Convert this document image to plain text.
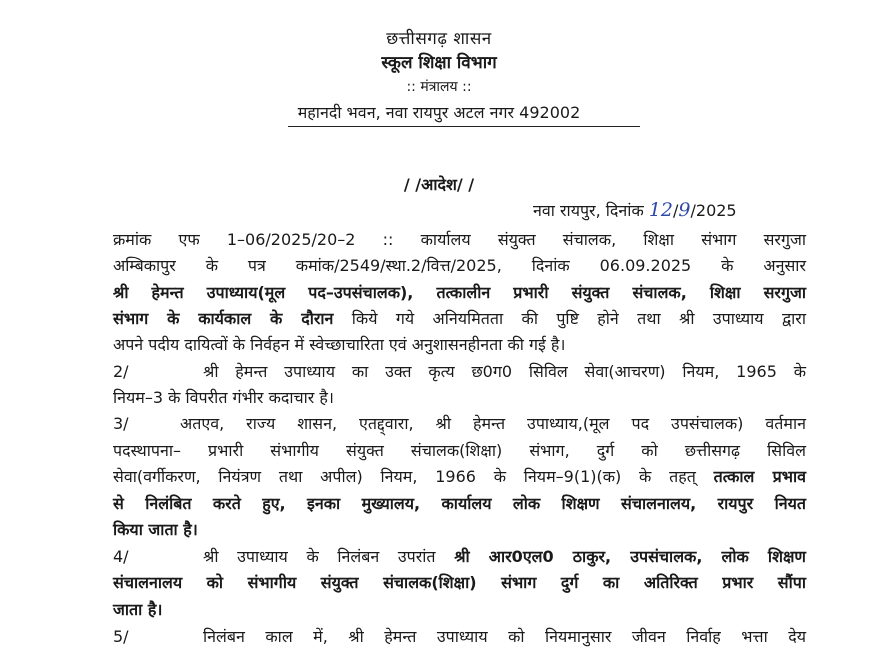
छत्तीसगढ़ शासन
स्कूल शिक्षा विभाग
:: मंत्रालय ::
महानदी भवन, नवा रायपुर अटल नगर 492002
/ /आदेश/ /
नवा रायपुर, दिनांक 12/9/2025
क्रमांक एफ 1–06/2025/20–2 :: कार्यालय संयुक्त संचालक, शिक्षा संभाग सरगुजा
अम्बिकापुर के पत्र कमांक/2549/स्था.2/वित्त/2025, दिनांक 06.09.2025 के अनुसार
श्री हेमन्त उपाध्याय(मूल पद–उपसंचालक), तत्कालीन प्रभारी संयुक्त संचालक, शिक्षा सरगुजा
संभाग के कार्यकाल के दौरान किये गये अनियमितता की पुष्टि होने तथा श्री उपाध्याय द्वारा
अपने पदीय दायित्वों के निर्वहन में स्वेच्छाचारिता एवं अनुशासनहीनता की गई है।
2/	श्री हेमन्त उपाध्याय का उक्त कृत्य छ0ग0 सिविल सेवा(आचरण) नियम, 1965 के
नियम–3 के विपरीत गंभीर कदाचार है।
3/	अतएव, राज्य शासन, एतद्द्वारा, श्री हेमन्त उपाध्याय,(मूल पद उपसंचालक) वर्तमान
पदस्थापना– प्रभारी संभागीय संयुक्त संचालक(शिक्षा) संभाग, दुर्ग को छत्तीसगढ़ सिविल
सेवा(वर्गीकरण, नियंत्रण तथा अपील) नियम, 1966 के नियम–9(1)(क) के तहत् तत्काल प्रभाव
से निलंबित करते हुए, इनका मुख्यालय, कार्यालय लोक शिक्षण संचालनालय, रायपुर नियत
किया जाता है।
4/	श्री उपाध्याय के निलंबन उपरांत श्री आर0एल0 ठाकुर, उपसंचालक, लोक शिक्षण
संचालनालय को संभागीय संयुक्त संचालक(शिक्षा) संभाग दुर्ग का अतिरिक्त प्रभार सौंपा
जाता है।
5/	निलंबन काल में, श्री हेमन्त उपाध्याय को नियमानुसार जीवन निर्वाह भत्ता देय
